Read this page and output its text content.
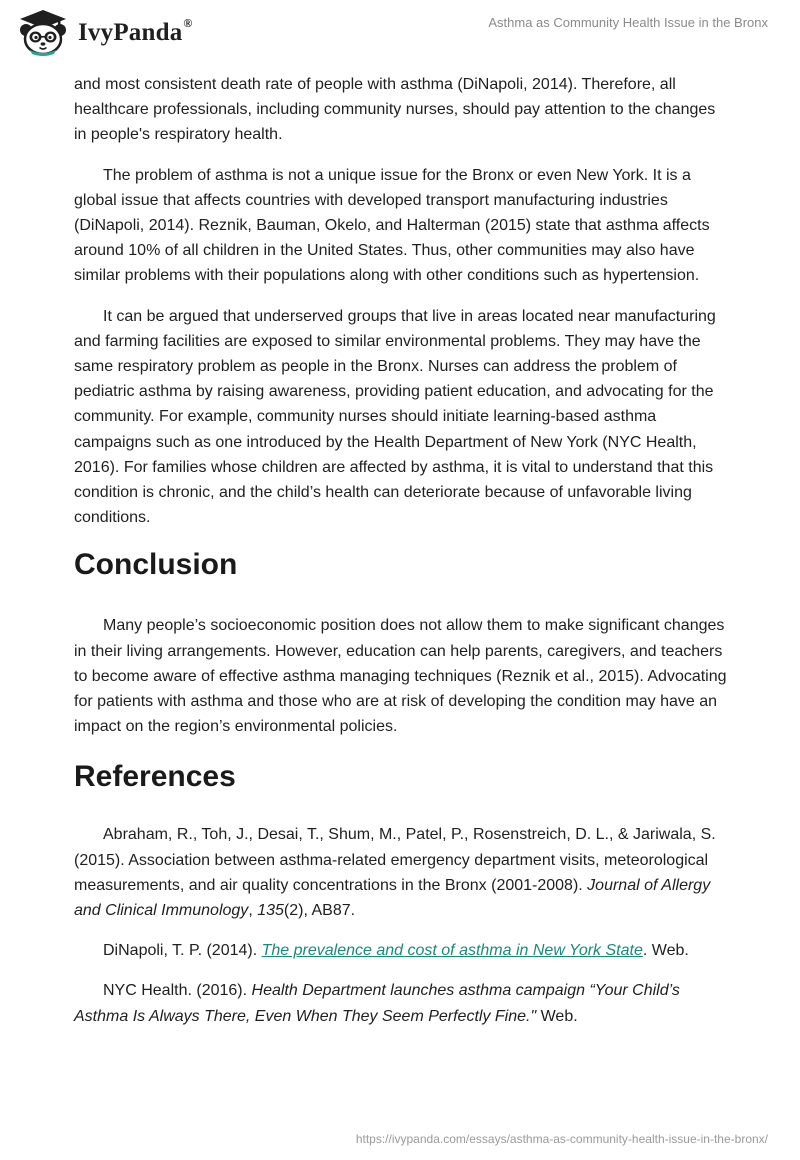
IvyPanda®	Asthma as Community Health Issue in the Bronx

and most consistent death rate of people with asthma (DiNapoli, 2014). Therefore, all healthcare professionals, including community nurses, should pay attention to the changes in people's respiratory health.

The problem of asthma is not a unique issue for the Bronx or even New York. It is a global issue that affects countries with developed transport manufacturing industries (DiNapoli, 2014). Reznik, Bauman, Okelo, and Halterman (2015) state that asthma affects around 10% of all children in the United States. Thus, other communities may also have similar problems with their populations along with other conditions such as hypertension.

It can be argued that underserved groups that live in areas located near manufacturing and farming facilities are exposed to similar environmental problems. They may have the same respiratory problem as people in the Bronx. Nurses can address the problem of pediatric asthma by raising awareness, providing patient education, and advocating for the community. For example, community nurses should initiate learning-based asthma campaigns such as one introduced by the Health Department of New York (NYC Health, 2016). For families whose children are affected by asthma, it is vital to understand that this condition is chronic, and the child’s health can deteriorate because of unfavorable living conditions.

Conclusion

Many people’s socioeconomic position does not allow them to make significant changes in their living arrangements. However, education can help parents, caregivers, and teachers to become aware of effective asthma managing techniques (Reznik et al., 2015). Advocating for patients with asthma and those who are at risk of developing the condition may have an impact on the region’s environmental policies.

References

Abraham, R., Toh, J., Desai, T., Shum, M., Patel, P., Rosenstreich, D. L., & Jariwala, S. (2015). Association between asthma-related emergency department visits, meteorological measurements, and air quality concentrations in the Bronx (2001-2008). Journal of Allergy and Clinical Immunology, 135(2), AB87.

DiNapoli, T. P. (2014). The prevalence and cost of asthma in New York State. Web.

NYC Health. (2016). Health Department launches asthma campaign “Your Child’s Asthma Is Always There, Even When They Seem Perfectly Fine." Web.

https://ivypanda.com/essays/asthma-as-community-health-issue-in-the-bronx/
